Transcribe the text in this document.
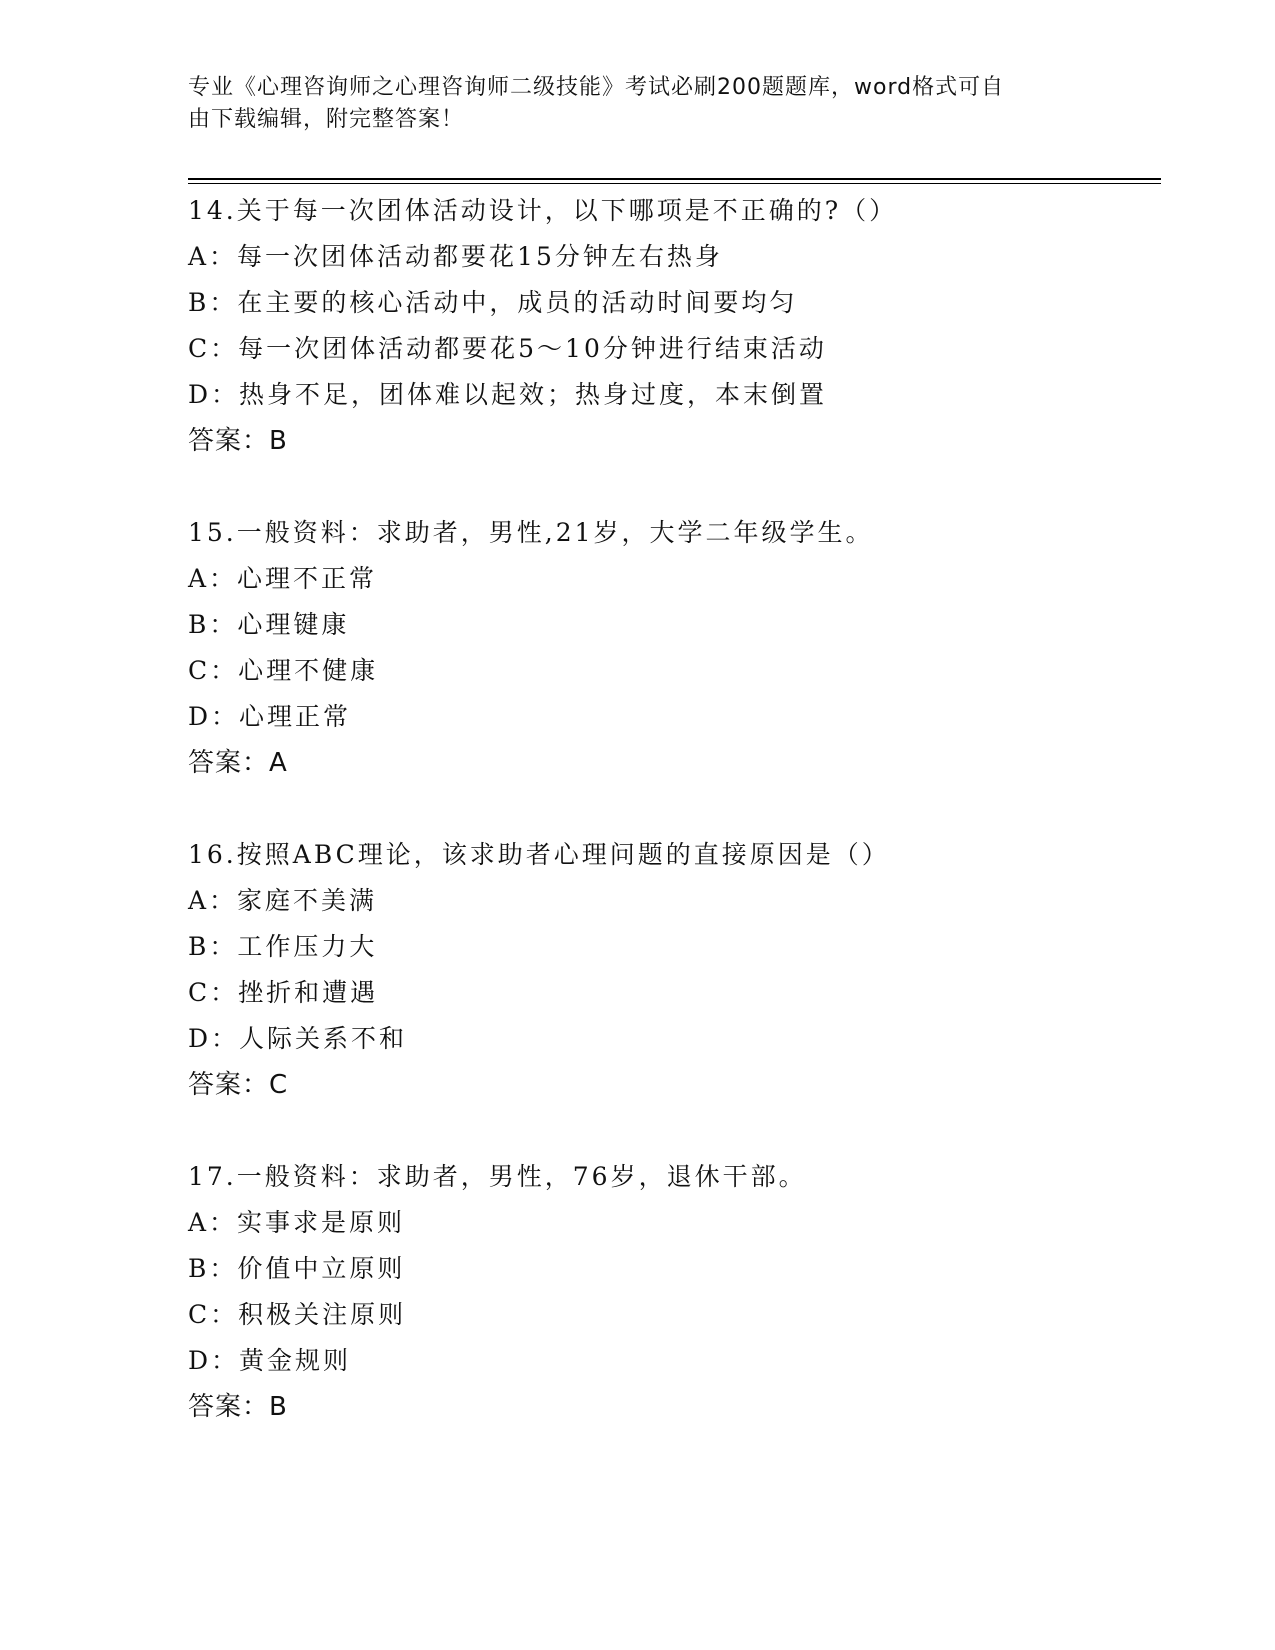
专业《心理咨询师之心理咨询师二级技能》考试必刷200题题库，word格式可自
由下载编辑，附完整答案！
14.关于每一次团体活动设计，以下哪项是不正确的?（）
A：每一次团体活动都要花15分钟左右热身
B：在主要的核心活动中，成员的活动时间要均匀
C：每一次团体活动都要花5～10分钟进行结束活动
D：热身不足，团体难以起效；热身过度，本末倒置
答案：B
15.一般资料：求助者，男性,21岁，大学二年级学生。
A：心理不正常
B：心理键康
C：心理不健康
D：心理正常
答案：A
16.按照ABC理论，该求助者心理问题的直接原因是（）
A：家庭不美满
B：工作压力大
C：挫折和遭遇
D：人际关系不和
答案：C
17.一般资料：求助者，男性，76岁，退休干部。
A：实事求是原则
B：价值中立原则
C：积极关注原则
D：黄金规则
答案：B
